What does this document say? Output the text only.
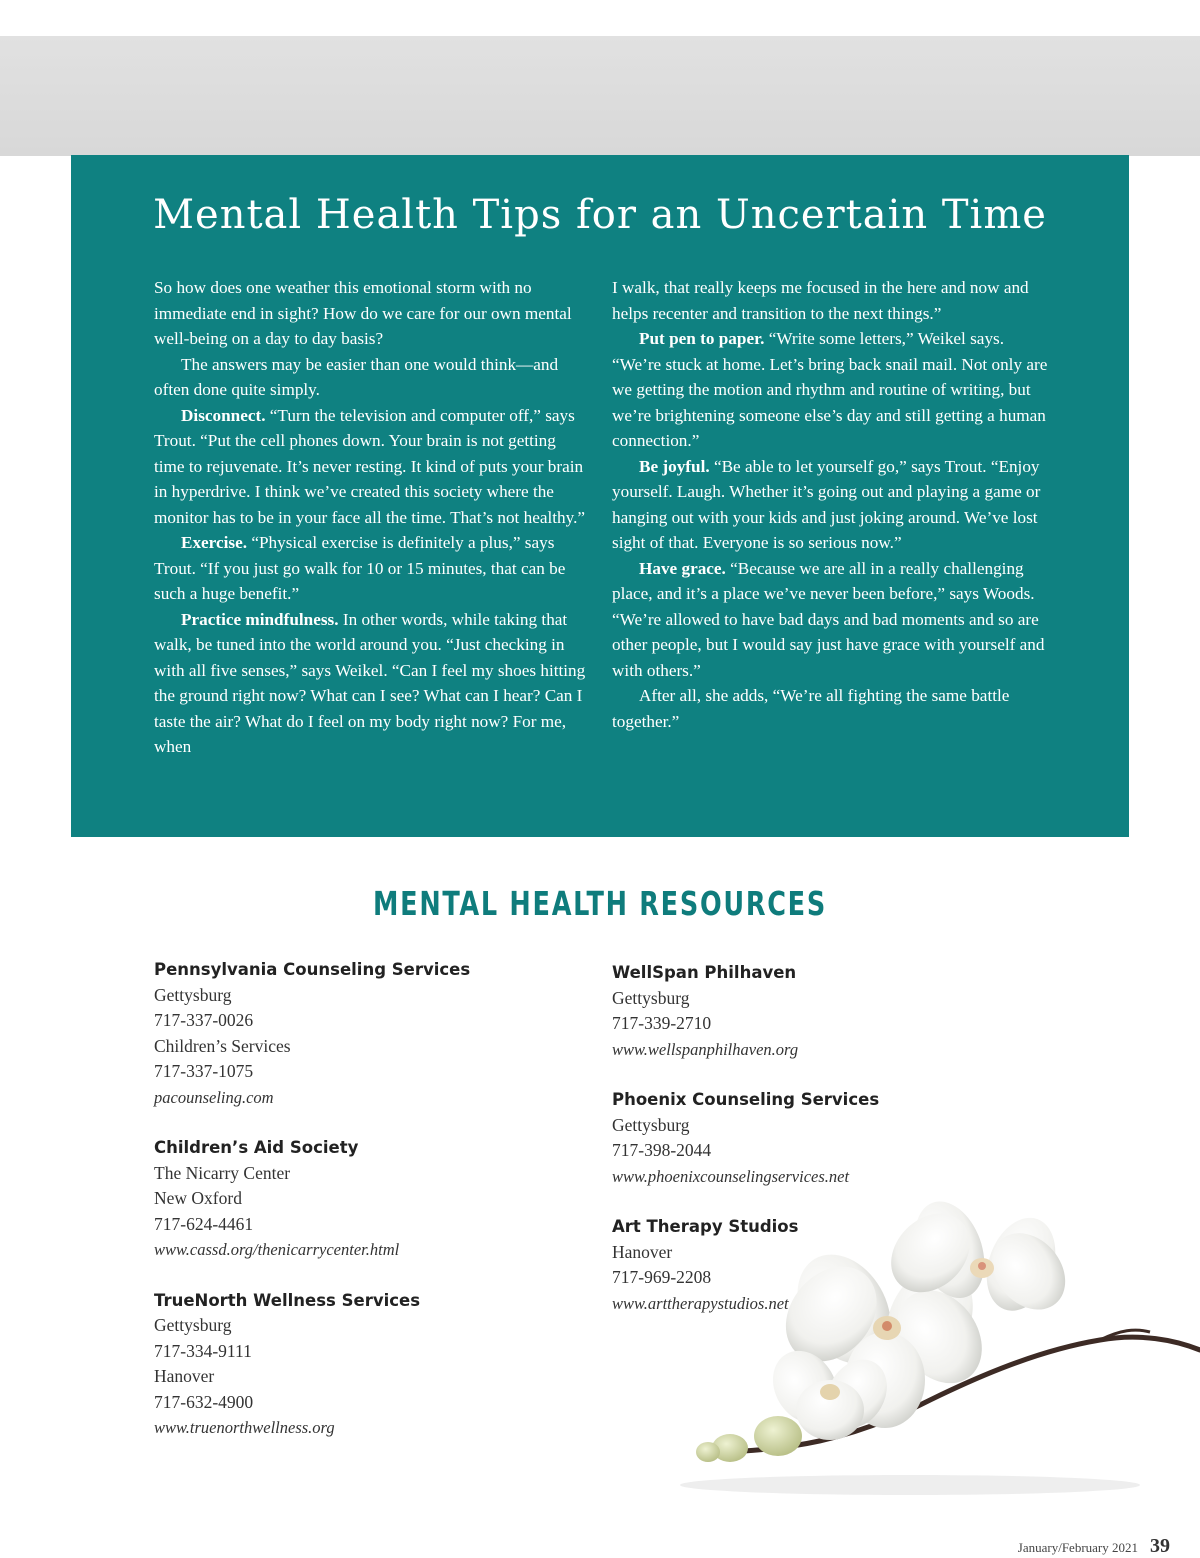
Mental Health Tips for an Uncertain Time

So how does one weather this emotional storm with no immediate end in sight? How do we care for our own mental well-being on a day to day basis?

The answers may be easier than one would think—and often done quite simply.

Disconnect. “Turn the television and computer off,” says Trout. “Put the cell phones down. Your brain is not getting time to rejuvenate. It’s never resting. It kind of puts your brain in hyperdrive. I think we’ve created this society where the monitor has to be in your face all the time. That’s not healthy.”

Exercise. “Physical exercise is definitely a plus,” says Trout. “If you just go walk for 10 or 15 minutes, that can be such a huge benefit.”

Practice mindfulness. In other words, while taking that walk, be tuned into the world around you. “Just checking in with all five senses,” says Weikel. “Can I feel my shoes hitting the ground right now? What can I see? What can I hear? Can I taste the air? What do I feel on my body right now? For me, when

I walk, that really keeps me focused in the here and now and helps recenter and transition to the next things.”

Put pen to paper. “Write some letters,” Weikel says. “We’re stuck at home. Let’s bring back snail mail. Not only are we getting the motion and rhythm and routine of writing, but we’re brightening someone else’s day and still getting a human connection.”

Be joyful. “Be able to let yourself go,” says Trout. “Enjoy yourself. Laugh. Whether it’s going out and playing a game or hanging out with your kids and just joking around. We’ve lost sight of that. Everyone is so serious now.”

Have grace. “Because we are all in a really challenging place, and it’s a place we’ve never been before,” says Woods. “We’re allowed to have bad days and bad moments and so are other people, but I would say just have grace with yourself and with others.”

After all, she adds, “We’re all fighting the same battle together.”

MENTAL HEALTH RESOURCES
Pennsylvania Counseling Services
Gettysburg
717-337-0026
Children’s Services
717-337-1075
pacounseling.com
Children’s Aid Society
The Nicarry Center
New Oxford
717-624-4461
www.cassd.org/thenicarrycenter.html
TrueNorth Wellness Services
Gettysburg
717-334-9111
Hanover
717-632-4900
www.truenorthwellness.org
WellSpan Philhaven
Gettysburg
717-339-2710
www.wellspanphilhaven.org
Phoenix Counseling Services
Gettysburg
717-398-2044
www.phoenixcounselingservices.net
Art Therapy Studios
Hanover
717-969-2208
www.arttherapystudios.net
January/February 2021 39
